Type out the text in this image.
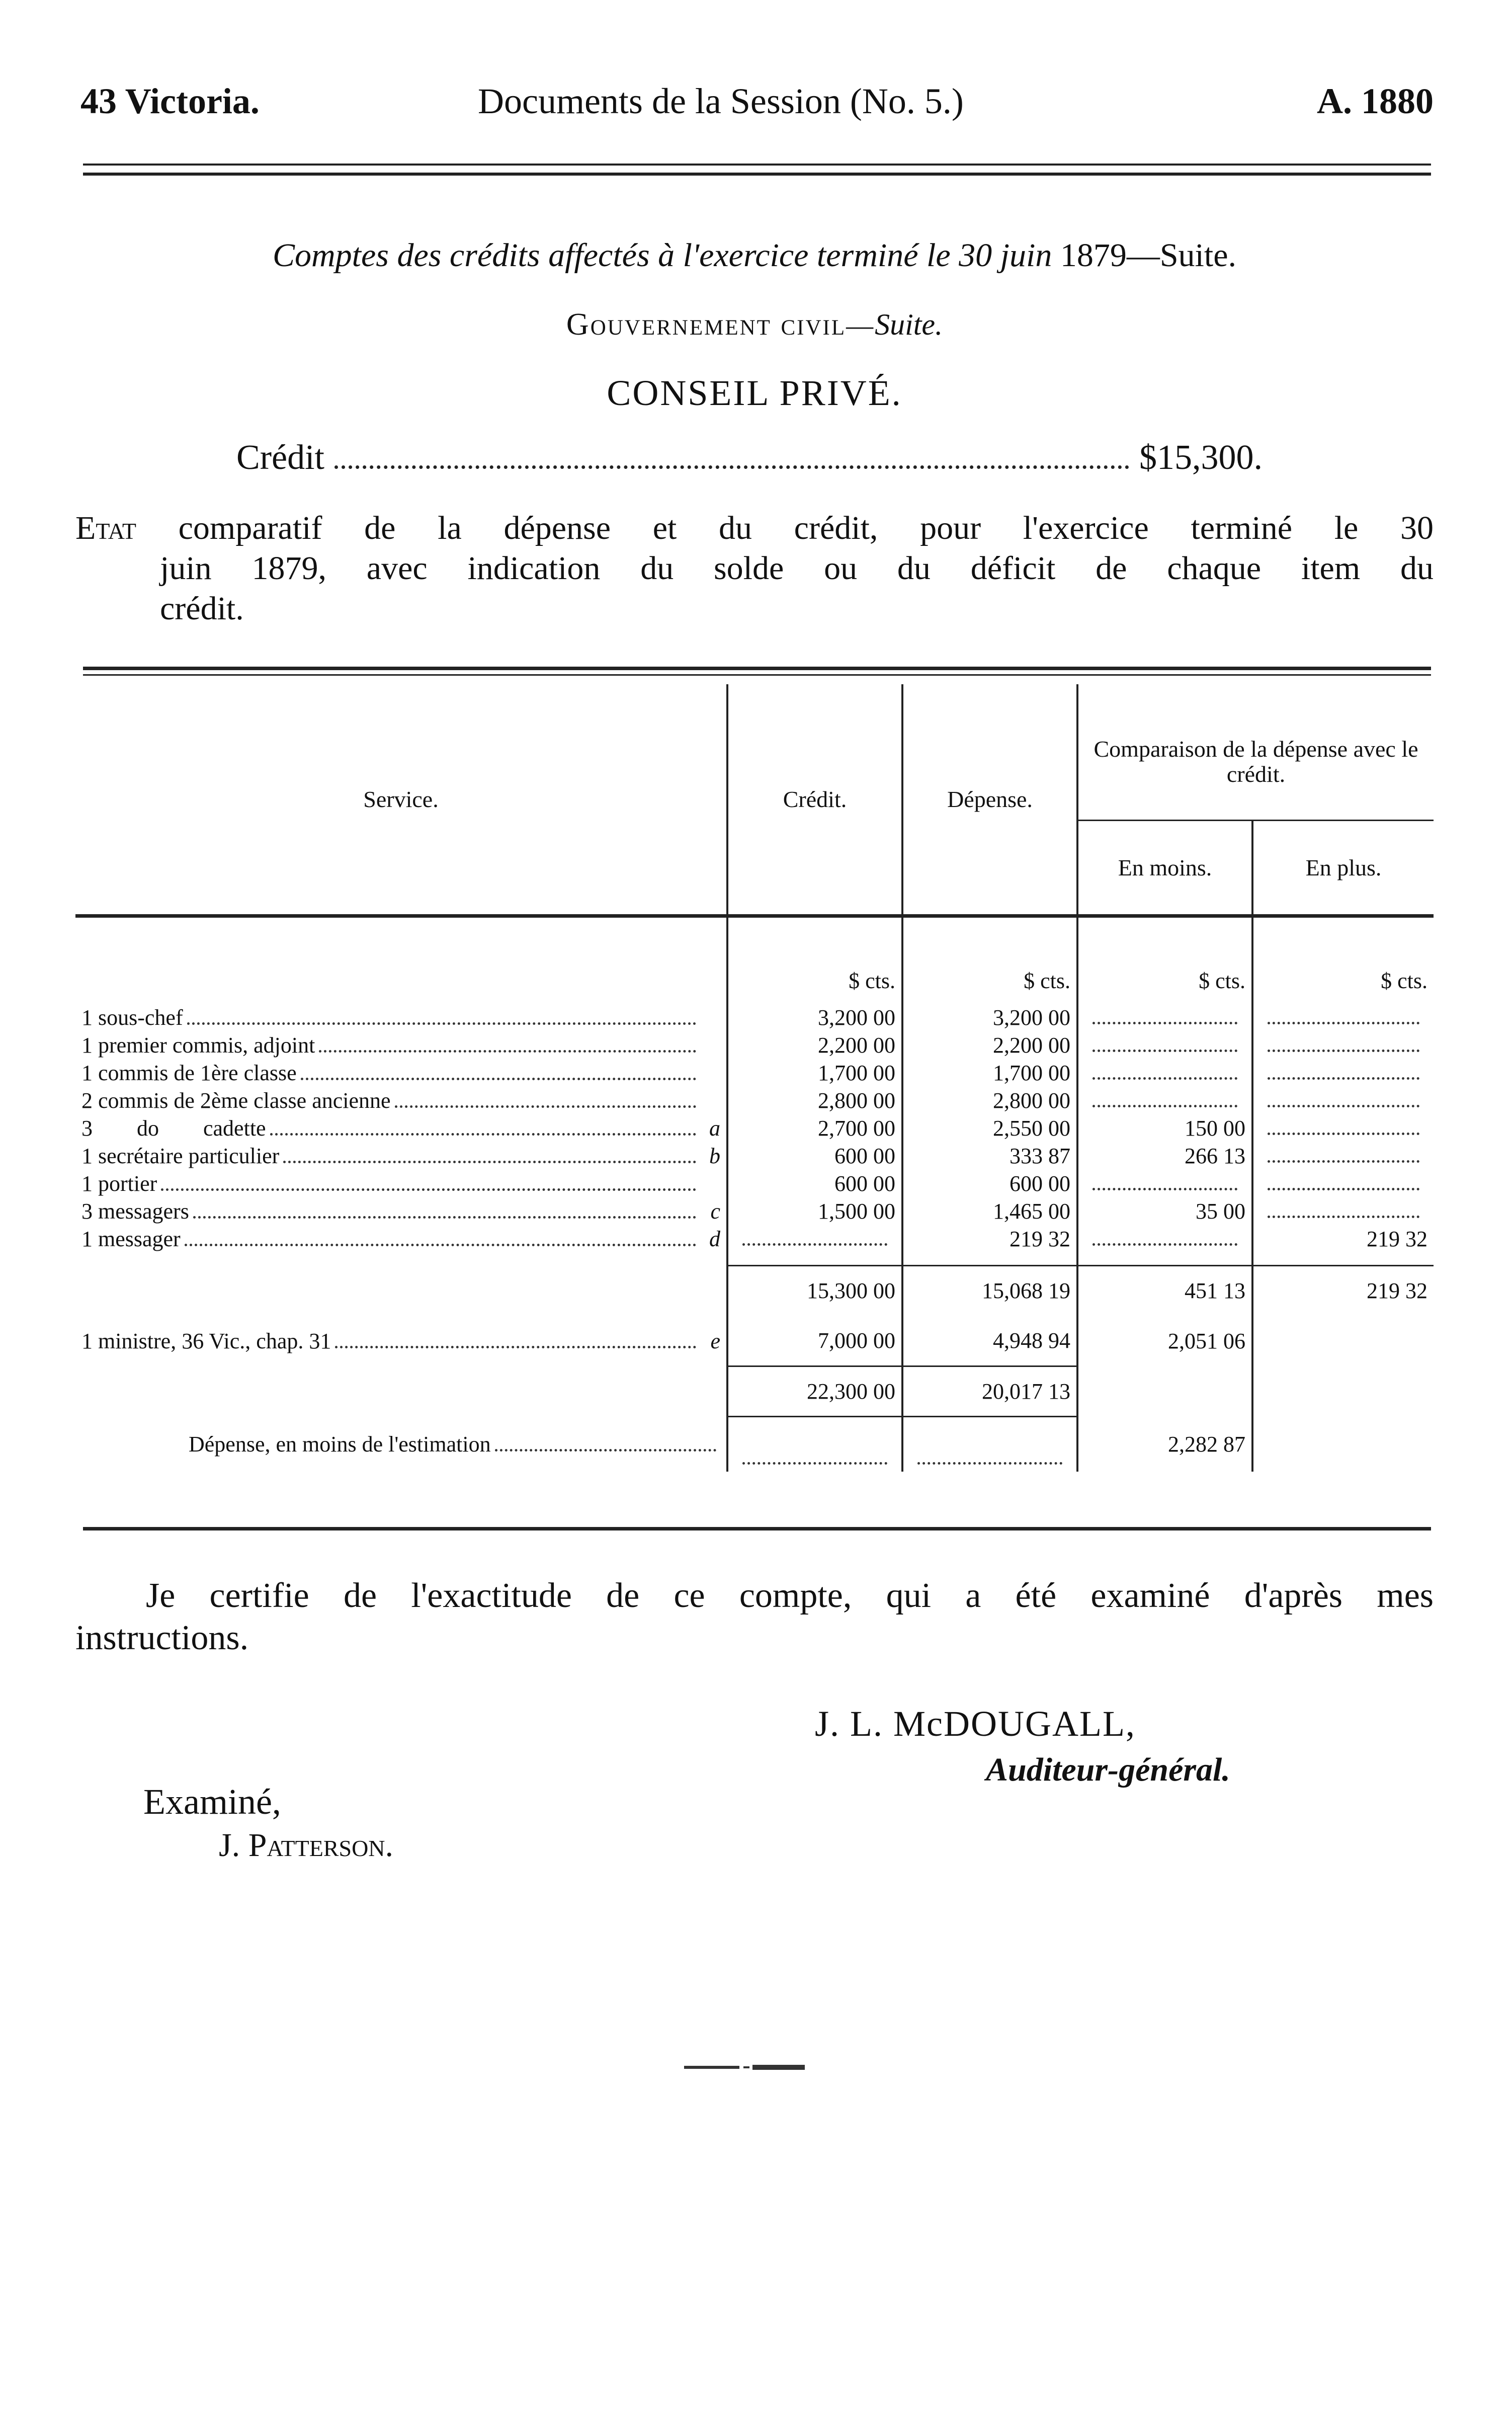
43 Victoria.	Documents de la Session (No. 5.)	A. 1880
Comptes des crédits affectés à l'exercice terminé le 30 juin 1879—Suite.
Gouvernement civil—Suite.
CONSEIL PRIVÉ.
Crédit	$15,300.
Etat comparatif de la dépense et du crédit, pour l'exercice terminé le 30
juin 1879, avec indication du solde ou du déficit de chaque item du
crédit.
Service.	Crédit.	Dépense.	Comparaison de la dépense avec le crédit.	
			En moins.	En plus.
	$ cts.	$ cts.	$ cts.	$ cts.

1 sous-chef	3,200 00	3,200 00		

1 premier commis, adjoint	2,200 00	2,200 00		

1 commis de 1ère classe	1,700 00	1,700 00		

2 commis de 2ème classe ancienne	2,800 00	2,800 00		

3        do        cadette a	2,700 00	2,550 00	150 00	

1 secrétaire particulier b	600 00	333 87	266 13	

1 portier	600 00	600 00		

3 messagers c	1,500 00	1,465 00	35 00	

1 messager d		219 32		219 32

	15,300 00	15,068 19	451 13	219 32

1 ministre, 36 Vic., chap. 31 e	7,000 00	4,948 94	2,051 06	
	22,300 00	20,017 13		

Dépense, en moins de l'estimation			2,282 87	
Je certifie de l'exactitude de ce compte, qui a été examiné d'après mes
instructions.
J. L. McDOUGALL,
Auditeur-général.
Examiné,
J. Patterson.
